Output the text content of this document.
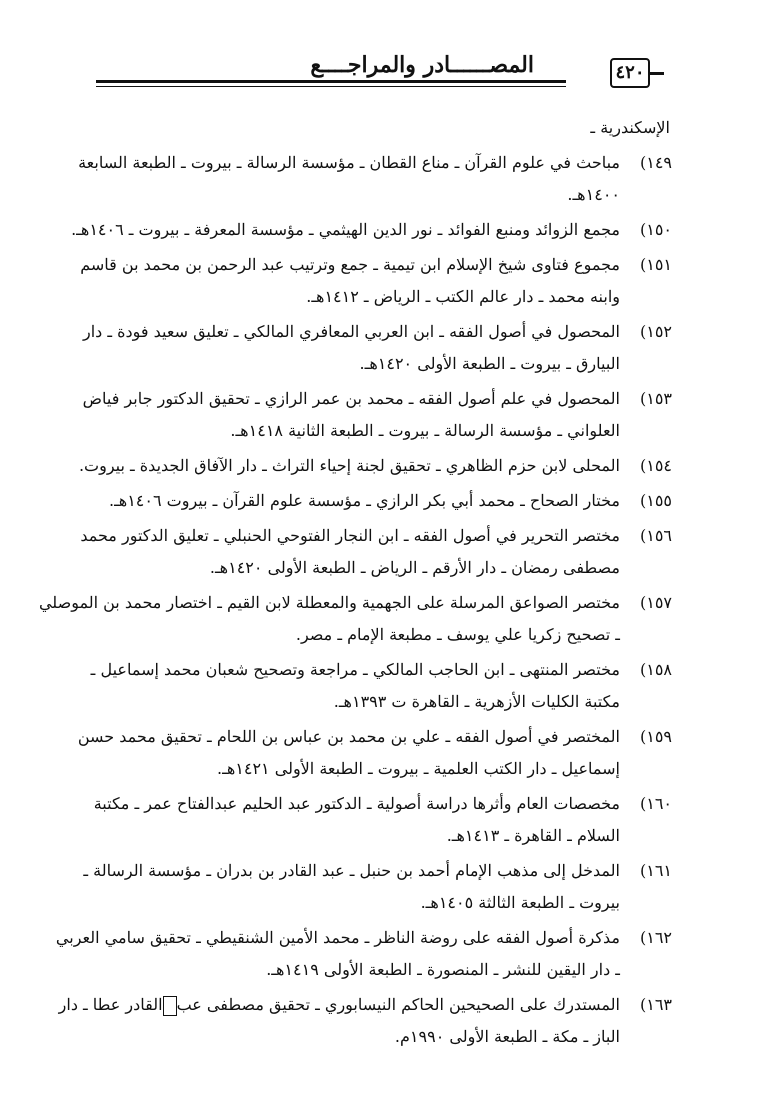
المصــــــادر والمراجــــع	٤٢٠
الإسكندرية ـ
١٤٩)
مباحث في علوم القرآن ـ مناع القطان ـ مؤسسة الرسالة ـ بيروت ـ الطبعة السابعة
١٤٠٠هـ.
١٥٠)
مجمع الزوائد ومنبع الفوائد ـ نور الدين الهيثمي ـ مؤسسة المعرفة ـ بيروت ـ ١٤٠٦هـ.
١٥١)
مجموع فتاوى شيخ الإسلام ابن تيمية ـ جمع وترتيب عبد الرحمن بن محمد بن قاسم
وابنه محمد ـ دار عالم الكتب ـ الرياض ـ ١٤١٢هـ.
١٥٢)
المحصول في أصول الفقه ـ ابن العربي المعافري المالكي ـ تعليق سعيد فودة ـ دار
البيارق ـ بيروت ـ الطبعة الأولى ١٤٢٠هـ.
١٥٣)
المحصول في علم أصول الفقه ـ محمد بن عمر الرازي ـ تحقيق الدكتور جابر فياض
العلواني ـ مؤسسة الرسالة ـ بيروت ـ الطبعة الثانية ١٤١٨هـ.
١٥٤)
المحلى لابن حزم الظاهري ـ تحقيق لجنة إحياء التراث ـ دار الآفاق الجديدة ـ بيروت.
١٥٥)
مختار الصحاح ـ محمد أبي بكر الرازي ـ مؤسسة علوم القرآن ـ بيروت ١٤٠٦هـ.
١٥٦)
مختصر التحرير في أصول الفقه ـ ابن النجار الفتوحي الحنبلي ـ تعليق الدكتور محمد
مصطفى رمضان ـ دار الأرقم ـ الرياض ـ الطبعة الأولى ١٤٢٠هـ.
١٥٧)
مختصر الصواعق المرسلة على الجهمية والمعطلة لابن القيم ـ اختصار محمد بن الموصلي
ـ تصحيح زكريا علي يوسف ـ مطبعة الإمام ـ مصر.
١٥٨)
مختصر المنتهى ـ ابن الحاجب المالكي ـ مراجعة وتصحيح شعبان محمد إسماعيل ـ
مكتبة الكليات الأزهرية ـ القاهرة ت ١٣٩٣هـ.
١٥٩)
المختصر في أصول الفقه ـ علي بن محمد بن عباس بن اللحام ـ تحقيق محمد حسن
إسماعيل ـ دار الكتب العلمية ـ بيروت ـ الطبعة الأولى ١٤٢١هـ.
١٦٠)
مخصصات العام وأثرها دراسة أصولية ـ الدكتور عبد الحليم عبدالفتاح عمر ـ مكتبة
السلام ـ القاهرة ـ ١٤١٣هـ.
١٦١)
المدخل إلى مذهب الإمام أحمد بن حنبل ـ عبد القادر بن بدران ـ مؤسسة الرسالة ـ
بيروت ـ الطبعة الثالثة ١٤٠٥هـ.
١٦٢)
مذكرة أصول الفقه على روضة الناظر ـ محمد الأمين الشنقيطي ـ تحقيق سامي العربي
ـ دار اليقين للنشر ـ المنصورة ـ الطبعة الأولى ١٤١٩هـ.
١٦٣)
المستدرك على الصحيحين الحاكم النيسابوري ـ تحقيق مصطفى عبالقادر عطا ـ دار
الباز ـ مكة ـ الطبعة الأولى ١٩٩٠م.
